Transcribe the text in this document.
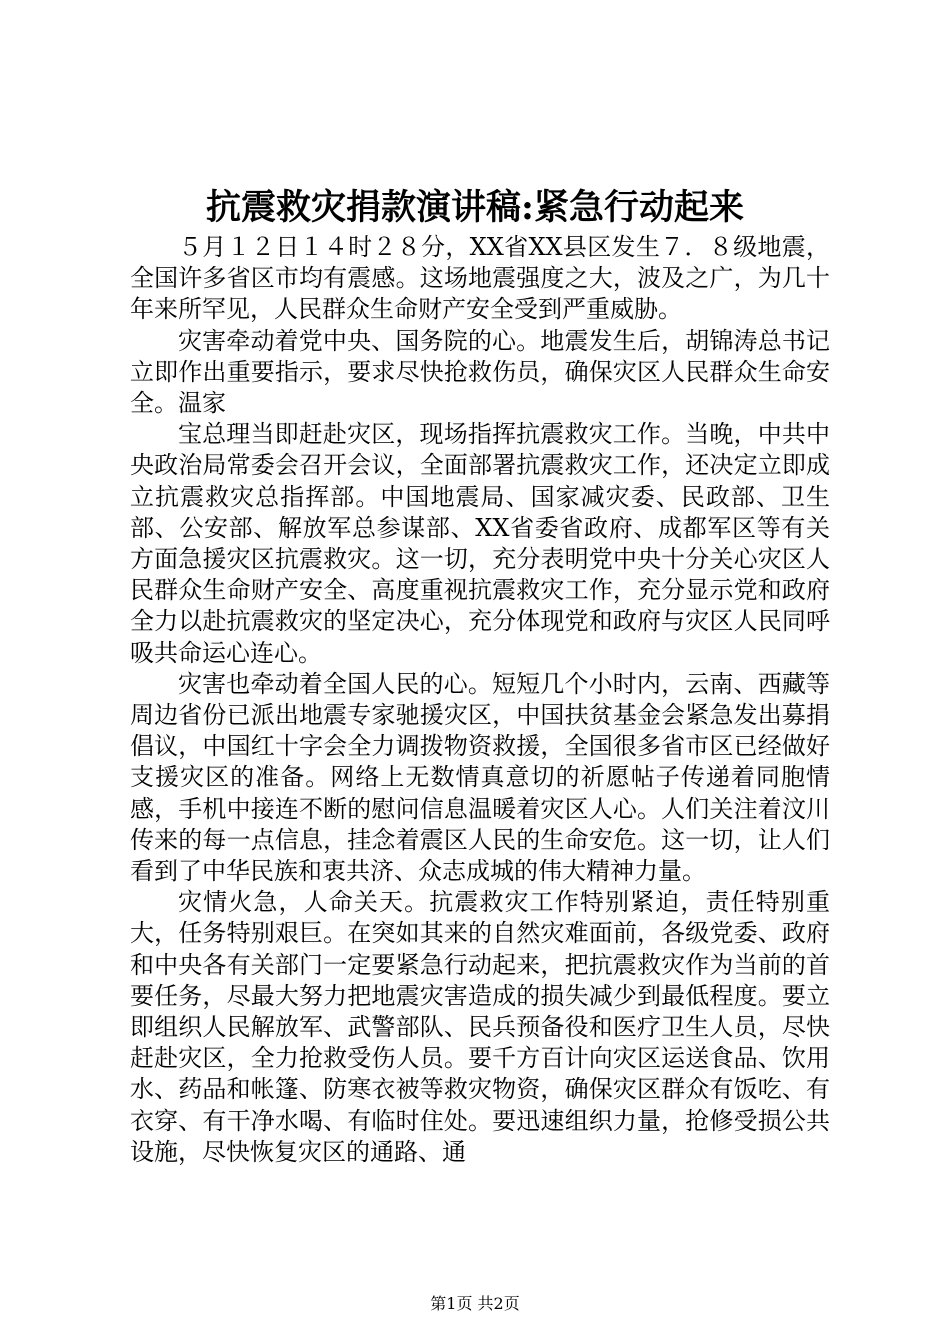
抗震救灾捐款演讲稿:紧急行动起来

５月１２日１４时２８分，XX省XX县区发生７．８级地震，全国许多省区市均有震感。这场地震强度之大，波及之广，为几十年来所罕见，人民群众生命财产安全受到严重威胁。

灾害牵动着党中央、国务院的心。地震发生后，胡锦涛总书记立即作出重要指示，要求尽快抢救伤员，确保灾区人民群众生命安全。温家

宝总理当即赶赴灾区，现场指挥抗震救灾工作。当晚，中共中央政治局常委会召开会议，全面部署抗震救灾工作，还决定立即成立抗震救灾总指挥部。中国地震局、国家减灾委、民政部、卫生部、公安部、解放军总参谋部、XX省委省政府、成都军区等有关方面急援灾区抗震救灾。这一切，充分表明党中央十分关心灾区人民群众生命财产安全、高度重视抗震救灾工作，充分显示党和政府全力以赴抗震救灾的坚定决心，充分体现党和政府与灾区人民同呼吸共命运心连心。

灾害也牵动着全国人民的心。短短几个小时内，云南、西藏等周边省份已派出地震专家驰援灾区，中国扶贫基金会紧急发出募捐倡议，中国红十字会全力调拨物资救援，全国很多省市区已经做好支援灾区的准备。网络上无数情真意切的祈愿帖子传递着同胞情感，手机中接连不断的慰问信息温暖着灾区人心。人们关注着汶川传来的每一点信息，挂念着震区人民的生命安危。这一切，让人们看到了中华民族和衷共济、众志成城的伟大精神力量。

灾情火急，人命关天。抗震救灾工作特别紧迫，责任特别重大，任务特别艰巨。在突如其来的自然灾难面前，各级党委、政府和中央各有关部门一定要紧急行动起来，把抗震救灾作为当前的首要任务，尽最大努力把地震灾害造成的损失减少到最低程度。要立即组织人民解放军、武警部队、民兵预备役和医疗卫生人员，尽快赶赴灾区，全力抢救受伤人员。要千方百计向灾区运送食品、饮用水、药品和帐篷、防寒衣被等救灾物资，确保灾区群众有饭吃、有衣穿、有干净水喝、有临时住处。要迅速组织力量，抢修受损公共设施，尽快恢复灾区的通路、通

第1页 共2页
